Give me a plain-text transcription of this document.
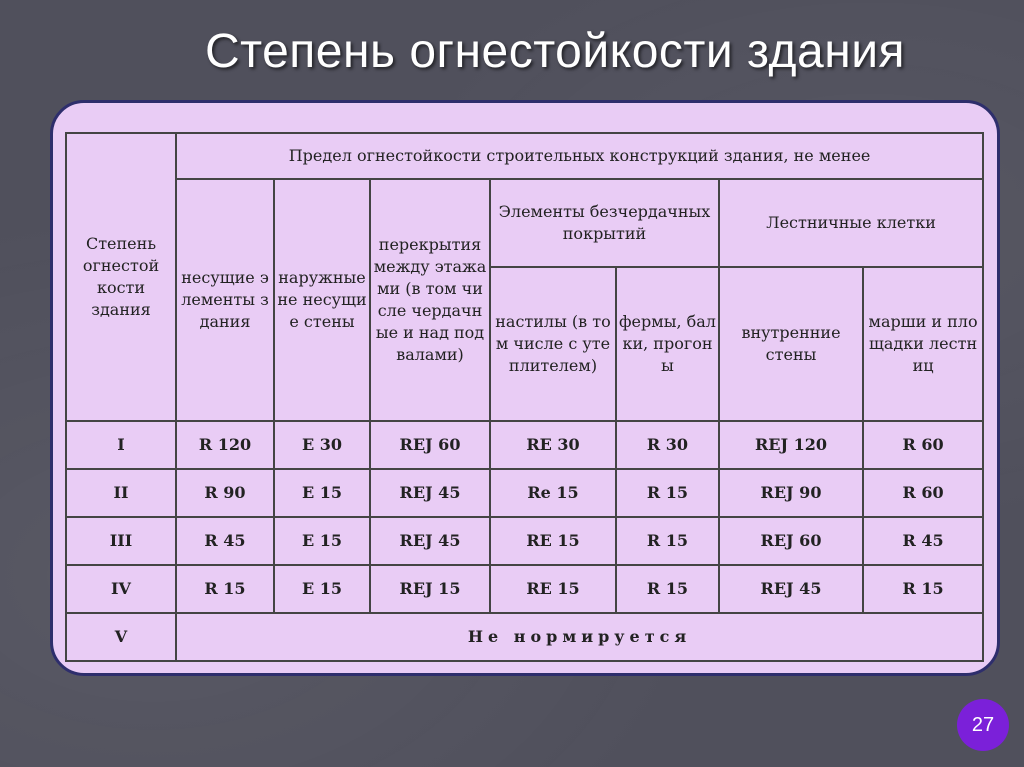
Степень огнестойкости здания
Степень огнестой кости здания	Предел огнестойкости строительных конструкций здания, не менее						
	несущие элементы здания	наружные не несущие стены	перекрытия между этажами (в том числе чердачные и над подвалами)	Элементы безчердачных покрытий		Лестничные клетки	
				настилы (в том числе с утеплителем)	фермы, балки, прогоны	внутренние стены	марши и площадки лестниц
I	R 120	E 30	REJ 60	RE 30	R 30	REJ 120	R 60
II	R 90	E 15	REJ 45	Re 15	R 15	REJ 90	R 60
III	R 45	E 15	REJ 45	RE 15	R 15	REJ 60	R 45
IV	R 15	E 15	REJ 15	RE 15	R 15	REJ 45	R 15
V	Не нормируется						
27
